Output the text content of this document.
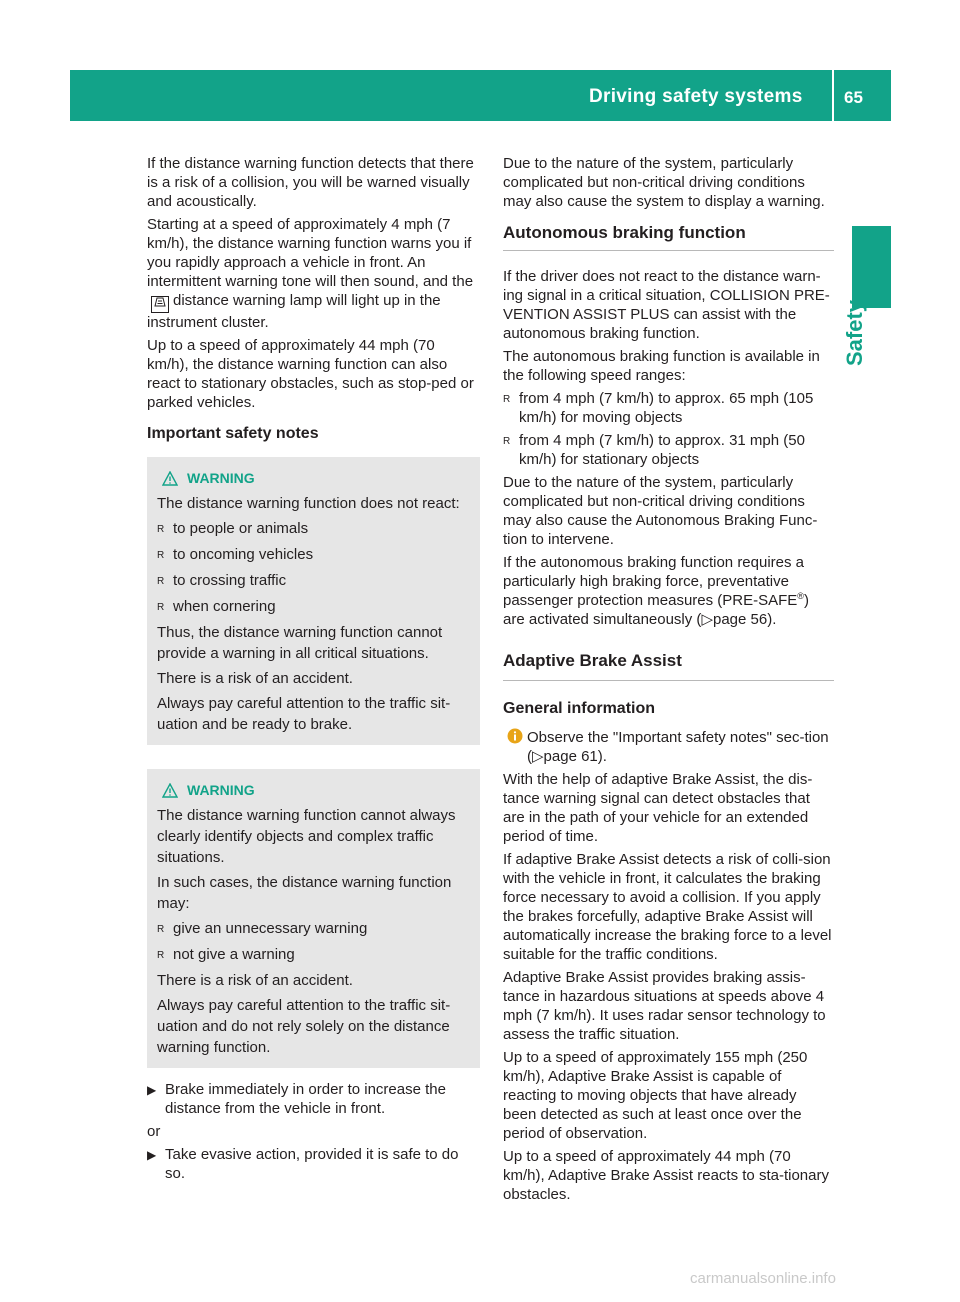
Driving safety systems 65
Safety

If the distance warning function detects that there is a risk of a collision, you will be warned visually and acoustically.

Starting at a speed of approximately 4 mph (7 km/h), the distance warning function warns you if you rapidly approach a vehicle in front. An intermittent warning tone will then sound, and thedistance warning lamp will light up in the instrument cluster.

Up to a speed of approximately 44 mph (70 km/h), the distance warning function can also react to stationary obstacles, such as stop-ped or parked vehicles.

Important safety notes
WARNING

The distance warning function does not react:

R to people or animals
R to oncoming vehicles
R to crossing traffic
R when cornering

Thus, the distance warning function cannot provide a warning in all critical situations.

There is a risk of an accident.

Always pay careful attention to the traffic sit-uation and be ready to brake.

WARNING

The distance warning function cannot always clearly identify objects and complex traffic situations.

In such cases, the distance warning function may:

R give an unnecessary warning
R not give a warning

There is a risk of an accident.

Always pay careful attention to the traffic sit-uation and do not rely solely on the distance warning function.

▶ Brake immediately in order to increase the distance from the vehicle in front.

or

▶ Take evasive action, provided it is safe to do so.

Due to the nature of the system, particularly complicated but non-critical driving conditions may also cause the system to display a warning.

Autonomous braking function

If the driver does not react to the distance warn-ing signal in a critical situation, COLLISION PRE-VENTION ASSIST PLUS can assist with the autonomous braking function.

The autonomous braking function is available in the following speed ranges:

R from 4 mph (7 km/h) to approx. 65 mph (105 km/h) for moving objects
R from 4 mph (7 km/h) to approx. 31 mph (50 km/h) for stationary objects

Due to the nature of the system, particularly complicated but non-critical driving conditions may also cause the Autonomous Braking Func-tion to intervene.

If the autonomous braking function requires a particularly high braking force, preventative passenger protection measures (PRE-SAFE®) are activated simultaneously (▷page 56).

Adaptive Brake Assist
General information
Observe the "Important safety notes" sec-tion (▷page 61).

With the help of adaptive Brake Assist, the dis-tance warning signal can detect obstacles that are in the path of your vehicle for an extended period of time.

If adaptive Brake Assist detects a risk of colli-sion with the vehicle in front, it calculates the braking force necessary to avoid a collision. If you apply the brakes forcefully, adaptive Brake Assist will automatically increase the braking force to a level suitable for the traffic conditions.

Adaptive Brake Assist provides braking assis-tance in hazardous situations at speeds above 4 mph (7 km/h). It uses radar sensor technology to assess the traffic situation.

Up to a speed of approximately 155 mph (250 km/h), Adaptive Brake Assist is capable of reacting to moving objects that have already been detected as such at least once over the period of observation.

Up to a speed of approximately 44 mph (70 km/h), Adaptive Brake Assist reacts to sta-tionary obstacles.

carmanualsonline.info
